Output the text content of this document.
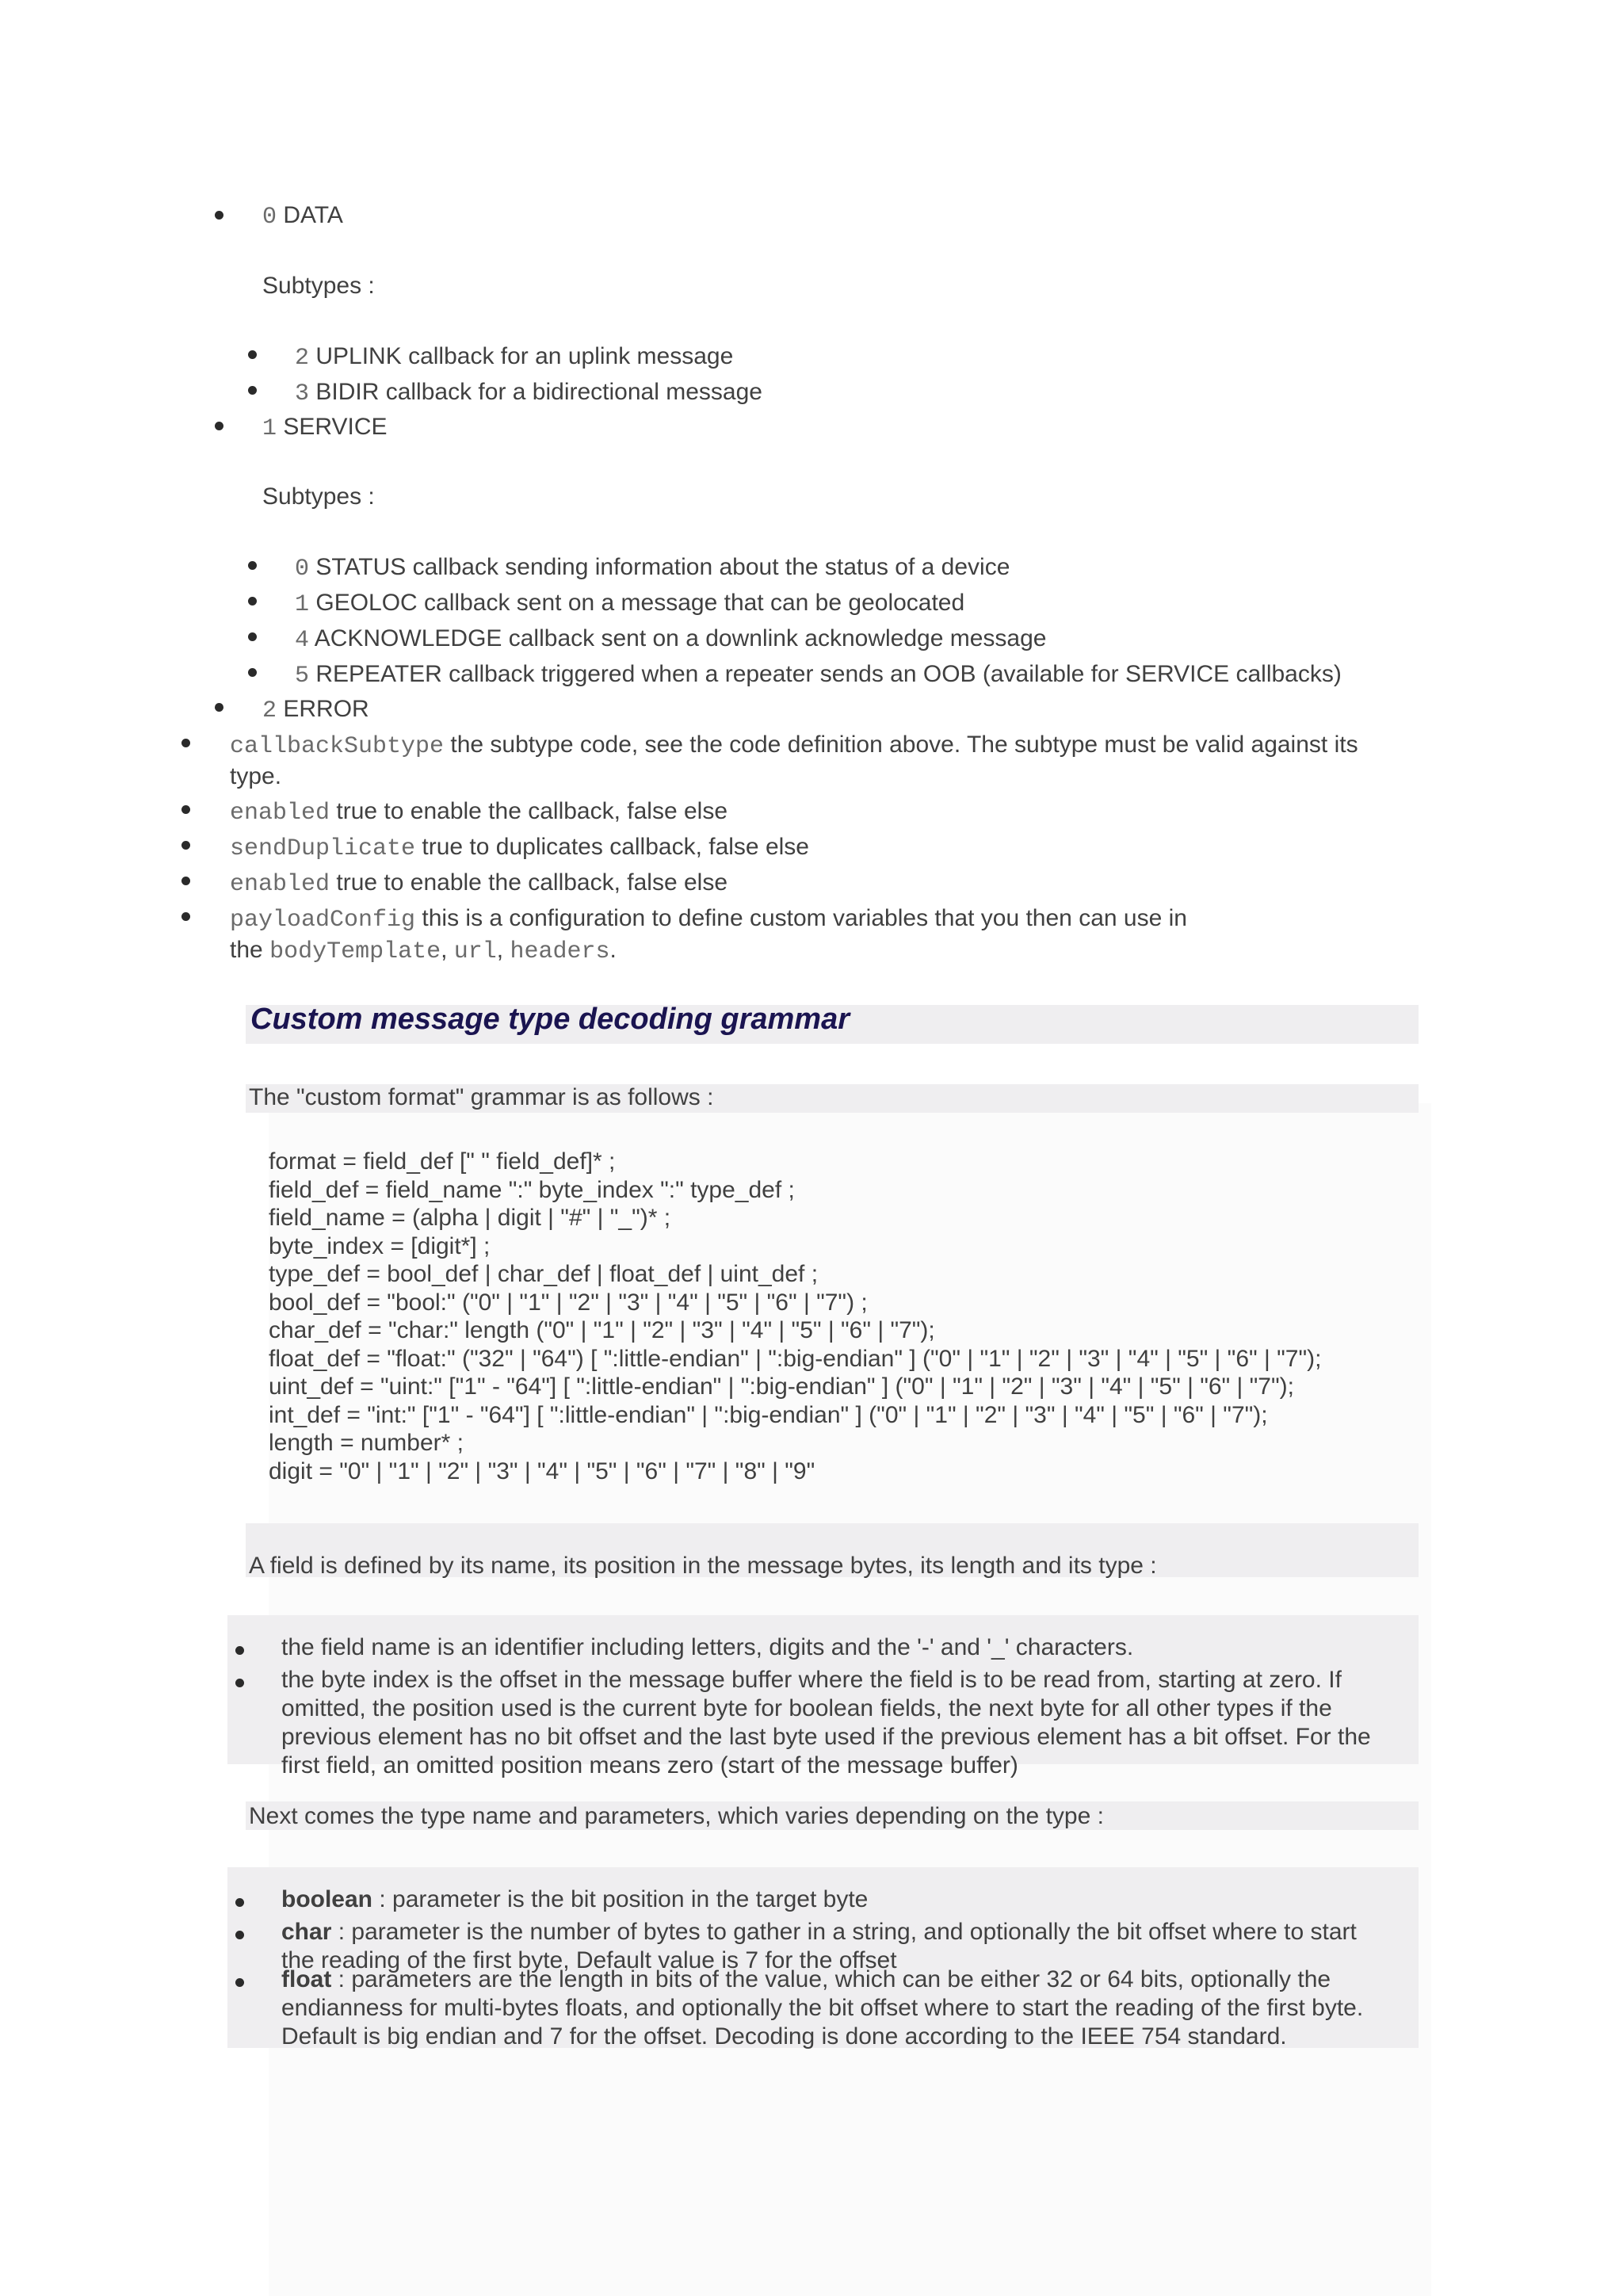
0 DATA
Subtypes :
2 UPLINK callback for an uplink message
3 BIDIR callback for a bidirectional message
1 SERVICE
Subtypes :
0 STATUS callback sending information about the status of a device
1 GEOLOC callback sent on a message that can be geolocated
4 ACKNOWLEDGE callback sent on a downlink acknowledge message
5 REPEATER callback triggered when a repeater sends an OOB (available for SERVICE callbacks)
2 ERROR
callbackSubtype the subtype code, see the code definition above. The subtype must be valid against its
type.
enabled true to enable the callback, false else
sendDuplicate true to duplicates callback, false else
enabled true to enable the callback, false else
payloadConfig this is a configuration to define custom variables that you then can use in
the bodyTemplate, url, headers.
Custom message type decoding grammar
The "custom format" grammar is as follows :
format = field_def [" " field_def]* ;
field_def = field_name ":" byte_index ":" type_def ;
field_name = (alpha | digit | "#" | "_")* ;
byte_index = [digit*] ;
type_def = bool_def | char_def | float_def | uint_def ;
bool_def = "bool:" ("0" | "1" | "2" | "3" | "4" | "5" | "6" | "7") ;
char_def = "char:" length ("0" | "1" | "2" | "3" | "4" | "5" | "6" | "7");
float_def = "float:" ("32" | "64") [ ":little-endian" | ":big-endian" ] ("0" | "1" | "2" | "3" | "4" | "5" | "6" | "7");
uint_def = "uint:" ["1" - "64"] [ ":little-endian" | ":big-endian" ] ("0" | "1" | "2" | "3" | "4" | "5" | "6" | "7");
int_def = "int:" ["1" - "64"] [ ":little-endian" | ":big-endian" ] ("0" | "1" | "2" | "3" | "4" | "5" | "6" | "7");
length = number* ;
digit = "0" | "1" | "2" | "3" | "4" | "5" | "6" | "7" | "8" | "9"
A field is defined by its name, its position in the message bytes, its length and its type :
the field name is an identifier including letters, digits and the '-' and '_' characters.
the byte index is the offset in the message buffer where the field is to be read from, starting at zero. If
omitted, the position used is the current byte for boolean fields, the next byte for all other types if the
previous element has no bit offset and the last byte used if the previous element has a bit offset. For the
first field, an omitted position means zero (start of the message buffer)
Next comes the type name and parameters, which varies depending on the type :
boolean : parameter is the bit position in the target byte
char : parameter is the number of bytes to gather in a string, and optionally the bit offset where to start
the reading of the first byte, Default value is 7 for the offset
float : parameters are the length in bits of the value, which can be either 32 or 64 bits, optionally the
endianness for multi-bytes floats, and optionally the bit offset where to start the reading of the first byte.
Default is big endian and 7 for the offset. Decoding is done according to the IEEE 754 standard.
